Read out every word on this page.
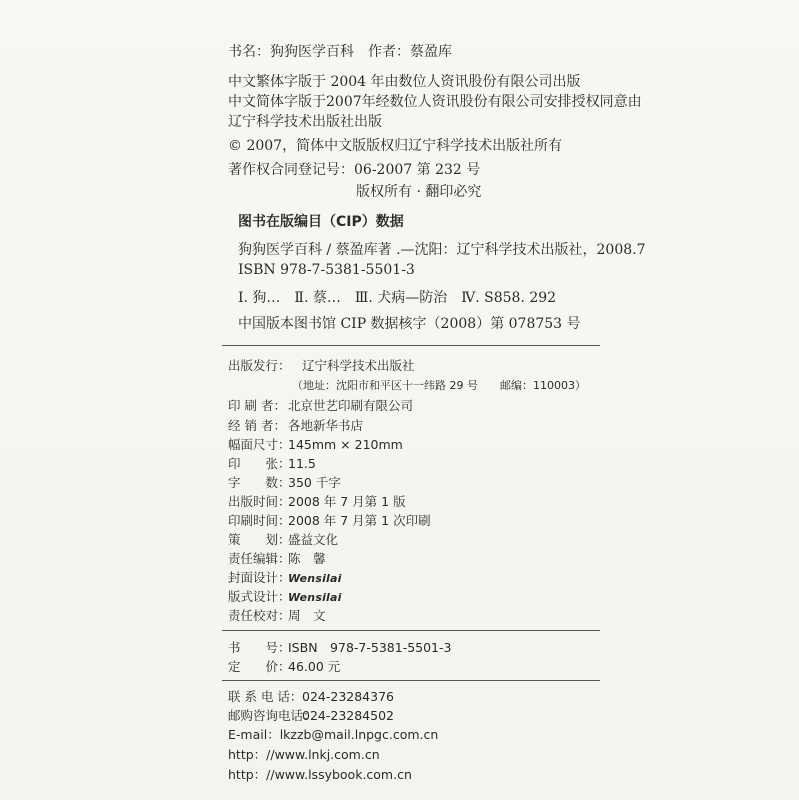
书名：狗狗医学百科　作者：蔡盈库
中文繁体字版于 2004 年由数位人资讯股份有限公司出版
中文简体字版于2007年经数位人资讯股份有限公司安排授权同意由
辽宁科学技术出版社出版
© 2007，简体中文版版权归辽宁科学技术出版社所有
著作权合同登记号：06-2007 第 232 号
版权所有 · 翻印必究
图书在版编目（CIP）数据
狗狗医学百科 / 蔡盈库著 .—沈阳：辽宁科学技术出版社，2008.7
ISBN 978-7-5381-5501-3
Ⅰ. 狗…　Ⅱ. 蔡…　Ⅲ. 犬病—防治　Ⅳ. S858. 292
中国版本图书馆 CIP 数据核字（2008）第 078753 号
出版发行： 辽宁科学技术出版社
（地址：沈阳市和平区十一纬路 29 号　　邮编：110003）
印 刷 者： 北京世艺印刷有限公司
经 销 者： 各地新华书店
幅面尺寸：145mm × 210mm
印　　张：11.5
字　　数：350 千字
出版时间：2008 年 7 月第 1 版
印刷时间：2008 年 7 月第 1 次印刷
策　　划：盛益文化
责任编辑：陈　馨
封面设计：Wensilai
版式设计：Wensilai
责任校对：周　文
书　　号：ISBN　978-7-5381-5501-3
定　　价：46.00 元
联 系 电 话：024-23284376
邮购咨询电话：024-23284502
E-mail：lkzzb@mail.lnpgc.com.cn
http：//www.lnkj.com.cn
http：//www.lssybook.com.cn
